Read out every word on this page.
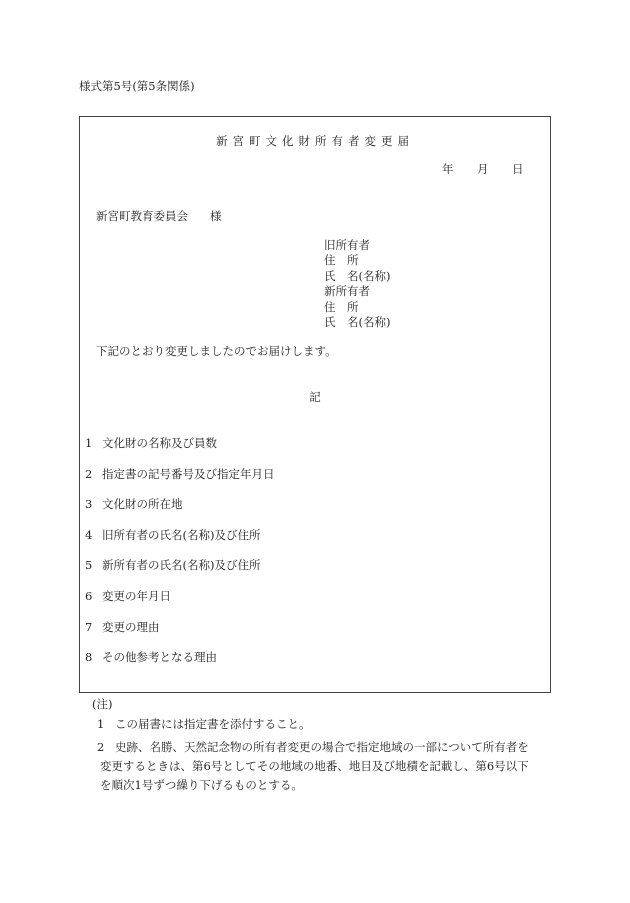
様式第5号(第5条関係)
新宮町文化財所有者変更届
年 月 日
新宮町教育委員会 様
旧所有者
住　所
氏　名(名称)
新所有者
住　所
氏　名(名称)
下記のとおり変更しましたのでお届けします。
記
1 文化財の名称及び員数
2 指定書の記号番号及び指定年月日
3 文化財の所在地
4 旧所有者の氏名(名称)及び住所
5 新所有者の氏名(名称)及び住所
6 変更の年月日
7 変更の理由
8 その他参考となる理由
(注)
1 この届書には指定書を添付すること。
2 史跡、名勝、天然記念物の所有者変更の場合で指定地域の一部について所有者を
変更するときは、第6号としてその地域の地番、地目及び地積を記載し、第6号以下
を順次1号ずつ繰り下げるものとする。
